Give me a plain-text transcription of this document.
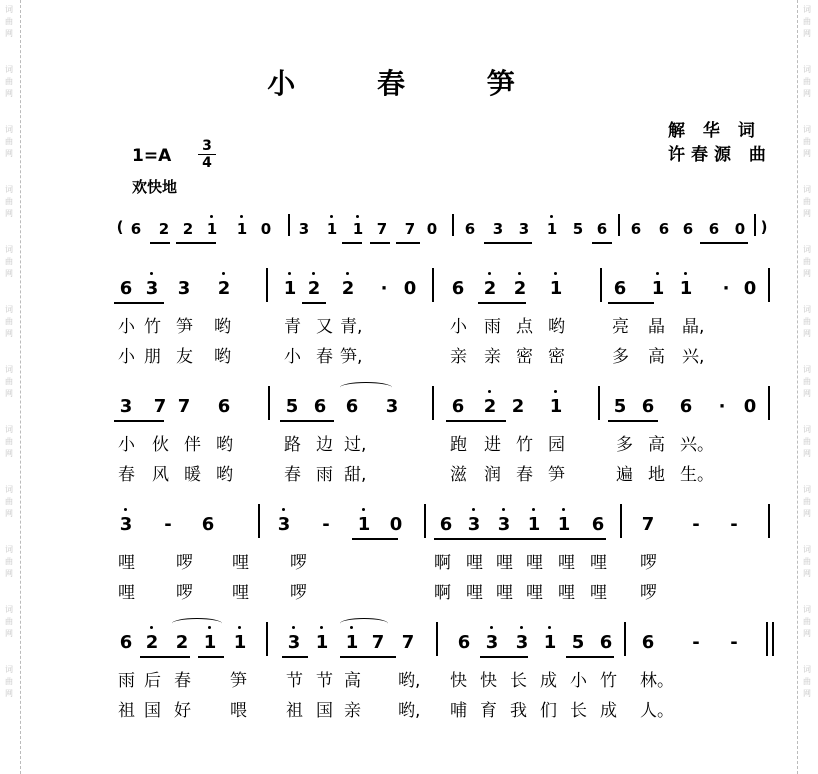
词
曲
网
词
曲
网
词
曲
网
词
曲
网
词
曲
网
词
曲
网
词
曲
网
词
曲
网
词
曲
网
词
曲
网
词
曲
网
词
曲
网
词
曲
网
词
曲
网
词
曲
网
词
曲
网
词
曲
网
词
曲
网
词
曲
网
词
曲
网
词
曲
网
词
曲
网
词
曲
网
词
曲
网
小 春 笋
解 华 词
许春源 曲
1=A 3
4
欢快地
( 6 2 2 1 1 0 3 1 1 7 7 0 6 3 3 1 5 6 6 6 6 6 0	)
6 3 3 2	1 2 2 · 0 6 2 2 1	6 1 1 · 0
小 竹 笋 哟	青 又 青,	小 雨 点 哟	亮 晶 晶,
小 朋 友 哟	小 春 笋,	亲 亲 密 密	多 高 兴,
3 7 7 6	5 6 6 3	6 2 2 1	5 6 6 · 0
小 伙 伴 哟	路 边 过,	跑 进 竹 园	多 高 兴。
春 风 暖 哟	春 雨 甜,	滋 润 春 笋	遍 地 生。
3 - 6	3 - 1 0 6 3 3 1 1 6 7 - -
哩 啰 哩 啰	啊 哩 哩 哩 哩 哩 啰
哩 啰 哩 啰	啊 哩 哩 哩 哩 哩 啰
6 2 2 1 1 3 1 1 7 7 6 3 3 1 5 6 6 - -
雨 后 春 笋 节 节 高 哟, 快 快 长 成 小 竹 林。
祖 国 好 喂 祖 国 亲 哟, 哺 育 我 们 长 成 人。
